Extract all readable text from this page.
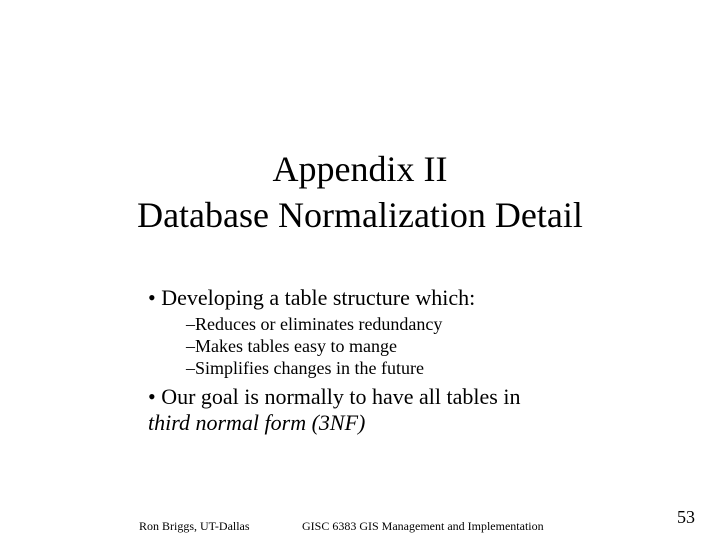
Appendix II
Database Normalization Detail
• Developing a table structure which:
–Reduces or eliminates redundancy
–Makes tables easy to mange
–Simplifies changes in the future
• Our goal is normally to have all tables in
third normal form (3NF)
Ron Briggs, UT-Dallas	GISC 6383 GIS Management and Implementation	53
